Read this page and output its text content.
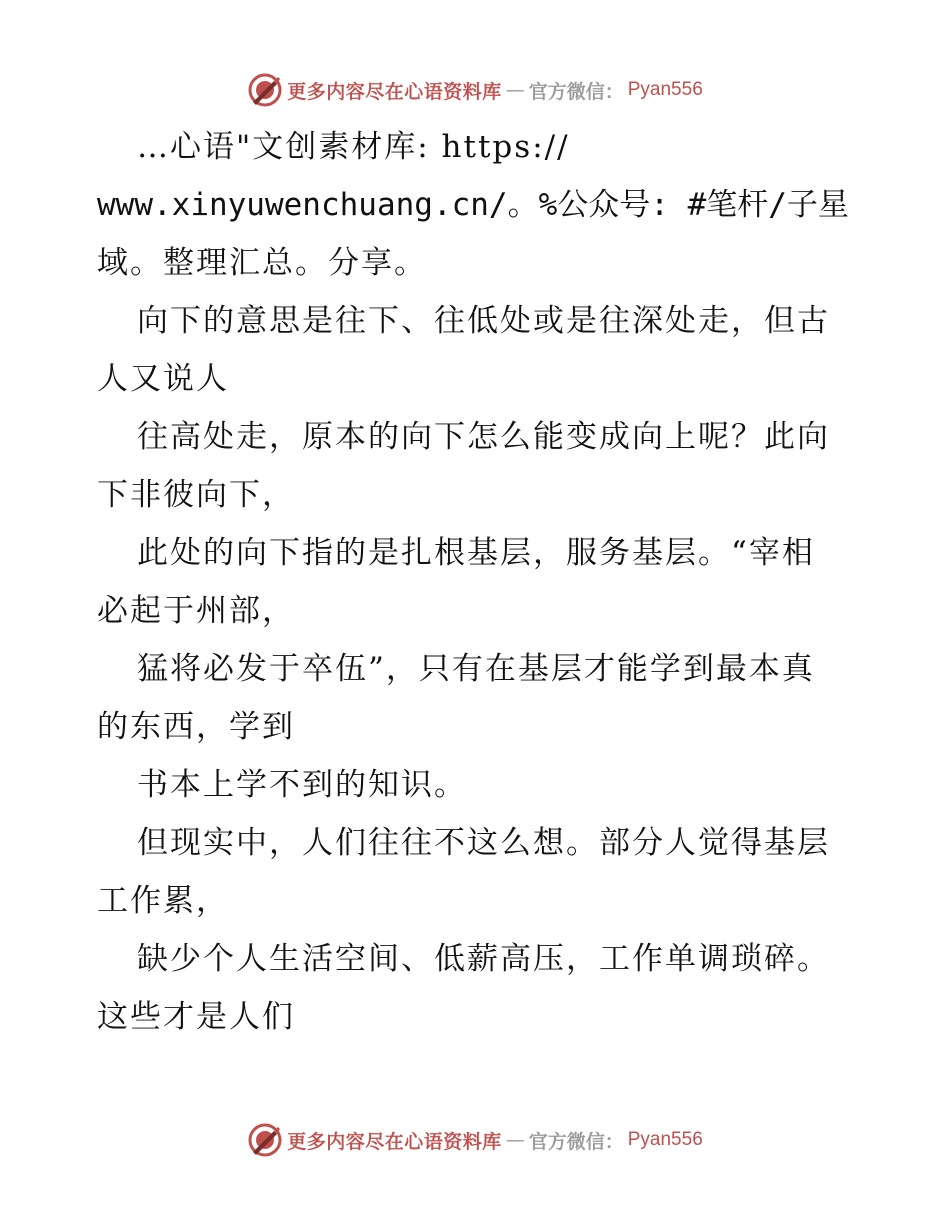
更多内容尽在心语资料库 — 官方微信： Pyan556
…心语"文创素材库: https://
www.xinyuwenchuang.cn/。%公众号: #笔杆/子星
域。整理汇总。分享。
向下的意思是往下、往低处或是往深处走，但古
人又说人
往高处走，原本的向下怎么能变成向上呢？此向
下非彼向下，
此处的向下指的是扎根基层，服务基层。“宰相
必起于州部，
猛将必发于卒伍”，只有在基层才能学到最本真
的东西，学到
书本上学不到的知识。
但现实中，人们往往不这么想。部分人觉得基层
工作累，
缺少个人生活空间、低薪高压，工作单调琐碎。
这些才是人们
更多内容尽在心语资料库 — 官方微信： Pyan556
